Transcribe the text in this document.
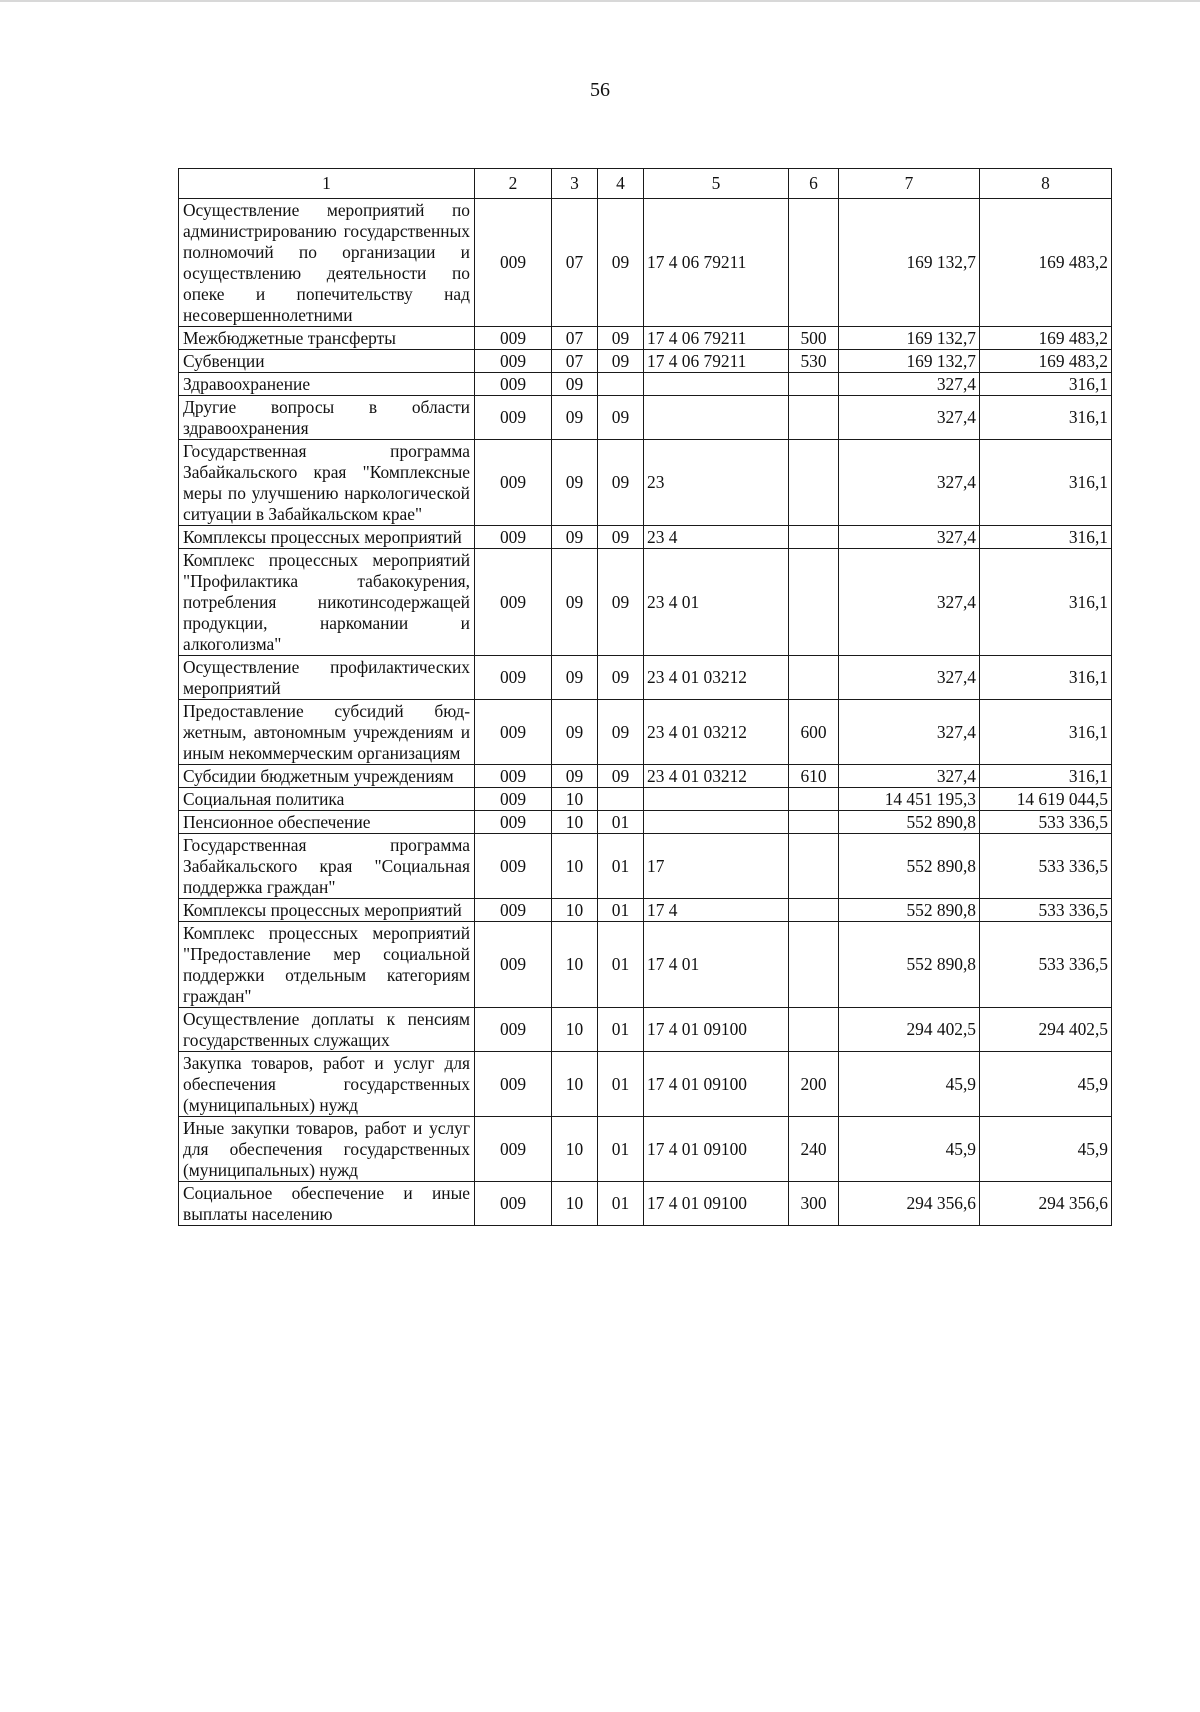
56
1	2	3	4	5	6	7	8
Осуществление мероприятий по администрированию государственных полномочий по организации и осуществлению деятельности по опеке и попечительству над несовершеннолетними	009	07	09	17 4 06 79211		169 132,7	169 483,2
Межбюджетные трансферты	009	07	09	17 4 06 79211	500	169 132,7	169 483,2
Субвенции	009	07	09	17 4 06 79211	530	169 132,7	169 483,2
Здравоохранение	009	09				327,4	316,1
Другие вопросы в области здравоохранения	009	09	09			327,4	316,1
Государственная программа Забайкальского края "Комплексные меры по улучшению наркологической ситуации в Забайкальском крае"	009	09	09	23		327,4	316,1
Комплексы процессных мероприятий	009	09	09	23 4		327,4	316,1
Комплекс процессных мероприятий "Профилактика табакокурения, потребления никотинсодержащей продукции, наркомании и алкоголизма"	009	09	09	23 4 01		327,4	316,1
Осуществление профилактических мероприятий	009	09	09	23 4 01 03212		327,4	316,1
Предоставление субсидий бюджетным, автономным учреждениям и иным некоммерческим организациям	009	09	09	23 4 01 03212	600	327,4	316,1
Субсидии бюджетным учреждениям	009	09	09	23 4 01 03212	610	327,4	316,1
Социальная политика	009	10				14 451 195,3	14 619 044,5
Пенсионное обеспечение	009	10	01			552 890,8	533 336,5
Государственная программа Забайкальского края "Социальная поддержка граждан"	009	10	01	17		552 890,8	533 336,5
Комплексы процессных мероприятий	009	10	01	17 4		552 890,8	533 336,5
Комплекс процессных мероприятий "Предоставление мер социальной поддержки отдельным категориям граждан"	009	10	01	17 4 01		552 890,8	533 336,5
Осуществление доплаты к пенсиям государственных служащих	009	10	01	17 4 01 09100		294 402,5	294 402,5
Закупка товаров, работ и услуг для обеспечения государственных (муниципальных) нужд	009	10	01	17 4 01 09100	200	45,9	45,9
Иные закупки товаров, работ и услуг для обеспечения государственных (муниципальных) нужд	009	10	01	17 4 01 09100	240	45,9	45,9
Социальное обеспечение и иные выплаты населению	009	10	01	17 4 01 09100	300	294 356,6	294 356,6
